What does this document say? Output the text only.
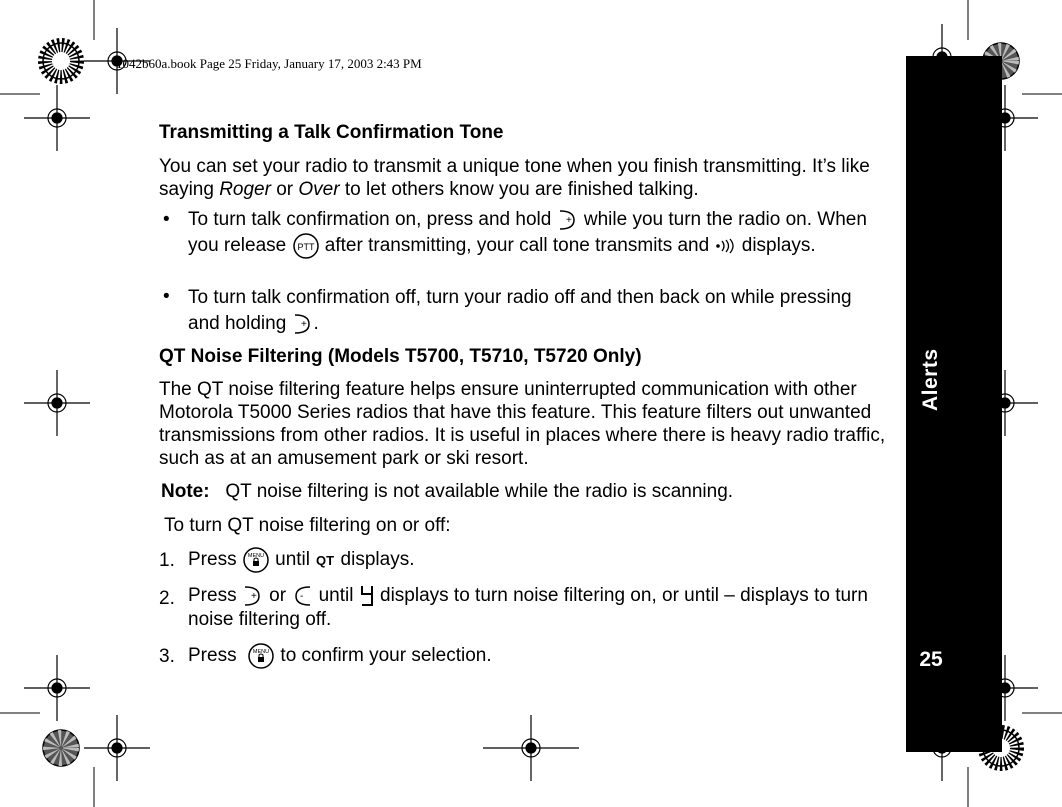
1042b60a.book Page 25 Friday, January 17, 2003 2:43 PM
Alerts
25
Transmitting a Talk Confirmation Tone
You can set your radio to transmit a unique tone when you finish transmitting. It’s like saying Roger or Over to let others know you are finished talking.
• To turn talk confirmation on, press and hold + while you turn the radio on. When you release PTT after transmitting, your call tone transmits and  displays.
• To turn talk confirmation off, turn your radio off and then back on while pressing and holding + .
QT Noise Filtering (Models T5700, T5710, T5720 Only)
The QT noise filtering feature helps ensure uninterrupted communication with other Motorola T5000 Series radios that have this feature. This feature filters out unwanted transmissions from other radios. It is useful in places where there is heavy radio traffic, such as at an amusement park or ski resort.
Note: QT noise filtering is not available while the radio is scanning.
To turn QT noise filtering on or off:
1. Press MENU until QT displays.
2. Press + or - until  displays to turn noise filtering on, or until – displays to turn noise filtering off.
3. Press MENU to confirm your selection.
